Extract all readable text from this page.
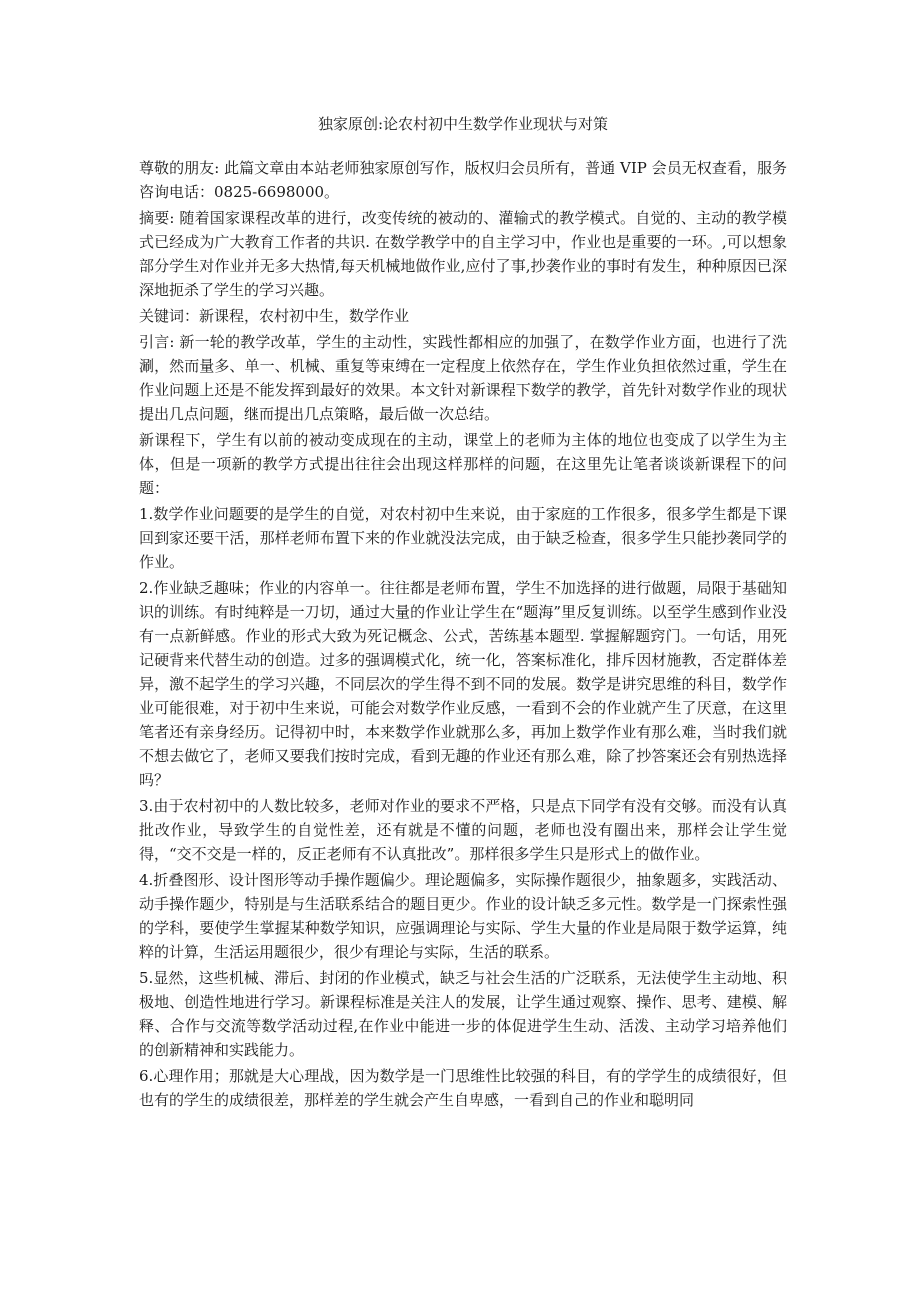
独家原创:论农村初中生数学作业现状与对策

尊敬的朋友: 此篇文章由本站老师独家原创写作，版权归会员所有，普通 VIP 会员无权查看，服务咨询电话：0825-6698000。

摘要: 随着国家课程改革的进行，改变传统的被动的、灌输式的教学模式。自觉的、主动的教学模式已经成为广大教育工作者的共识. 在数学教学中的自主学习中，作业也是重要的一环。,可以想象部分学生对作业并无多大热情,每天机械地做作业,应付了事,抄袭作业的事时有发生，种种原因已深深地扼杀了学生的学习兴趣。

关键词：新课程，农村初中生，数学作业

引言: 新一轮的教学改革，学生的主动性，实践性都相应的加强了，在数学作业方面，也进行了洗涮，然而量多、单一、机械、重复等束缚在一定程度上依然存在，学生作业负担依然过重，学生在作业问题上还是不能发挥到最好的效果。本文针对新课程下数学的教学，首先针对数学作业的现状提出几点问题，继而提出几点策略，最后做一次总结。

新课程下，学生有以前的被动变成现在的主动，课堂上的老师为主体的地位也变成了以学生为主体，但是一项新的教学方式提出往往会出现这样那样的问题，在这里先让笔者谈谈新课程下的问题：

1.数学作业问题要的是学生的自觉，对农村初中生来说，由于家庭的工作很多，很多学生都是下课回到家还要干活，那样老师布置下来的作业就没法完成，由于缺乏检查，很多学生只能抄袭同学的作业。

2.作业缺乏趣味；作业的内容单一。往往都是老师布置，学生不加选择的进行做题，局限于基础知识的训练。有时纯粹是一刀切，通过大量的作业让学生在“题海”里反复训练。以至学生感到作业没有一点新鲜感。作业的形式大致为死记概念、公式，苦练基本题型. 掌握解题窍门。一句话，用死记硬背来代替生动的创造。过多的强调模式化，统一化，答案标准化，排斥因材施教，否定群体差异，激不起学生的学习兴趣，不同层次的学生得不到不同的发展。数学是讲究思维的科目，数学作业可能很难，对于初中生来说，可能会对数学作业反感，一看到不会的作业就产生了厌意，在这里笔者还有亲身经历。记得初中时，本来数学作业就那么多，再加上数学作业有那么难，当时我们就不想去做它了，老师又要我们按时完成，看到无趣的作业还有那么难，除了抄答案还会有别热选择吗？

3.由于农村初中的人数比较多，老师对作业的要求不严格，只是点下同学有没有交够。而没有认真批改作业，导致学生的自觉性差，还有就是不懂的问题，老师也没有圈出来，那样会让学生觉得，“交不交是一样的，反正老师有不认真批改”。那样很多学生只是形式上的做作业。

4.折叠图形、设计图形等动手操作题偏少。理论题偏多，实际操作题很少，抽象题多，实践活动、动手操作题少，特别是与生活联系结合的题目更少。作业的设计缺乏多元性。数学是一门探索性强的学科，要使学生掌握某种数学知识，应强调理论与实际、学生大量的作业是局限于数学运算，纯粹的计算，生活运用题很少，很少有理论与实际，生活的联系。

5.显然，这些机械、滞后、封闭的作业模式，缺乏与社会生活的广泛联系，无法使学生主动地、积极地、创造性地进行学习。新课程标准是关注人的发展，让学生通过观察、操作、思考、建模、解释、合作与交流等数学活动过程,在作业中能进一步的体促进学生生动、活泼、主动学习培养他们的创新精神和实践能力。

6.心理作用；那就是大心理战，因为数学是一门思维性比较强的科目，有的学学生的成绩很好，但也有的学生的成绩很差，那样差的学生就会产生自卑感，一看到自己的作业和聪明同
